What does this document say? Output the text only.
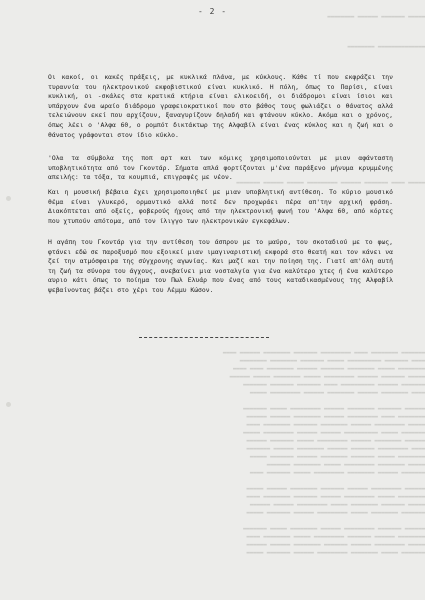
▬▬▬▬▬ ▬▬▬▬▬▬▬ ▬▬▬▬▬▬ ▬▬▬▬▬▬▬▬
▬▬▬▬▬▬▬▬▬▬▬▬▬▬ ▬▬▬▬▬▬▬▬
▬▬▬▬▬ ▬▬▬▬ ▬▬▬▬▬▬▬ ▬▬▬▬▬▬ ▬▬▬▬▬▬▬▬▬ ▬▬▬▬▬ ▬▬▬▬▬▬ ▬▬▬▬▬▬▬
▬▬▬▬▬▬▬ ▬▬▬▬▬▬▬▬ ▬▬▬▬ ▬▬▬▬▬▬▬▬▬ ▬▬▬▬▬▬▬ ▬▬▬▬▬▬▬▬ ▬▬▬▬▬▬ ▬▬▬▬
▬▬▬▬ ▬▬▬▬▬▬▬ ▬▬▬▬▬▬▬▬▬▬ ▬▬▬▬▬ ▬▬▬▬▬▬▬ ▬▬▬▬▬▬▬▬ ▬▬▬▬▬▬▬▬
▬▬▬▬▬▬▬▬ ▬▬▬▬▬ ▬▬▬▬▬▬▬▬ ▬▬▬▬▬▬▬ ▬▬▬▬▬▬ ▬▬▬▬▬▬▬▬ ▬▬▬▬ ▬▬▬▬
▬▬▬▬▬ ▬▬▬▬▬▬▬ ▬▬▬▬▬▬ ▬▬▬▬▬▬▬▬▬ ▬▬▬▬▬ ▬▬▬▬▬▬▬▬ ▬▬▬▬▬ ▬▬▬▬▬▬
▬▬▬▬▬▬▬ ▬▬▬▬▬▬ ▬▬▬▬▬▬▬▬▬▬ ▬▬▬▬ ▬▬▬▬▬▬▬ ▬▬▬▬▬▬▬ ▬▬▬▬▬▬▬
▬▬▬▬ ▬▬▬▬▬▬▬▬ ▬▬▬▬▬▬ ▬▬▬▬▬▬▬▬ ▬▬▬▬▬▬ ▬▬▬▬▬▬▬▬▬ ▬▬▬▬▬
▬▬▬▬▬▬ ▬▬▬▬▬▬▬ ▬▬▬▬▬▬▬▬ ▬▬▬▬▬▬ ▬▬▬▬▬▬▬▬▬ ▬▬▬▬▬ ▬▬▬▬▬▬▬
▬▬▬▬▬▬▬▬ ▬▬▬▬ ▬▬▬▬▬▬▬▬▬ ▬▬▬▬▬▬ ▬▬▬▬▬▬▬▬ ▬▬▬▬▬▬ ▬▬▬▬▬▬
▬▬▬▬▬ ▬▬▬▬▬▬▬▬▬ ▬▬▬▬▬▬ ▬▬▬▬▬▬▬▬ ▬▬▬▬▬▬▬ ▬▬▬▬▬▬▬▬ ▬▬▬▬
▬▬▬▬▬▬▬ ▬▬▬▬▬ ▬▬▬▬▬▬▬▬▬▬ ▬▬▬▬▬▬ ▬▬▬▬▬▬ ▬▬▬▬▬▬▬▬▬ ▬▬▬▬▬
▬▬▬▬▬▬ ▬▬▬▬▬▬▬▬ ▬▬▬▬▬▬ ▬▬▬▬▬▬▬▬▬ ▬▬▬▬▬ ▬▬▬▬▬▬▬ ▬▬▬▬▬▬
▬▬▬▬ ▬▬▬▬▬▬▬▬▬ ▬▬▬▬▬▬▬ ▬▬▬▬▬▬ ▬▬▬▬▬▬▬▬ ▬▬▬▬▬▬ ▬▬▬▬▬▬▬
▬▬▬▬▬▬▬▬ ▬▬▬▬▬ ▬▬▬▬▬▬▬ ▬▬▬▬▬▬▬▬ ▬▬▬▬▬▬ ▬▬▬▬▬▬▬ ▬▬▬▬▬
▬▬▬▬▬ ▬▬▬▬▬▬▬▬ ▬▬▬▬▬▬▬▬▬ ▬▬▬▬▬ ▬▬▬▬▬▬▬▬ ▬▬▬▬▬▬▬
▬▬▬▬▬▬▬ ▬▬▬▬▬▬ ▬▬▬▬▬▬▬▬ ▬▬▬▬▬▬▬▬▬ ▬▬▬▬▬ ▬▬▬▬▬▬▬ ▬▬▬▬
▬▬▬▬▬▬ ▬▬▬▬▬▬▬▬▬ ▬▬▬▬▬▬ ▬▬▬▬▬▬▬ ▬▬▬▬▬▬▬▬ ▬▬▬▬▬▬ ▬▬▬▬▬
▬▬▬▬▬▬▬▬ ▬▬▬▬▬ ▬▬▬▬▬▬▬▬▬ ▬▬▬▬▬▬ ▬▬▬▬▬▬▬ ▬▬▬▬▬▬▬▬ ▬▬▬▬
▬▬▬▬▬ ▬▬▬▬▬▬▬ ▬▬▬▬▬▬▬▬ ▬▬▬▬▬ ▬▬▬▬▬▬▬▬▬ ▬▬▬▬▬▬ ▬▬▬▬▬▬
▬▬▬▬▬▬▬ ▬▬▬▬▬▬▬▬ ▬▬▬▬▬ ▬▬▬▬▬▬▬▬▬ ▬▬▬▬▬▬ ▬▬▬▬▬▬▬ ▬▬▬▬▬
▬▬▬▬▬▬ ▬▬▬▬▬▬▬ ▬▬▬▬▬▬▬▬▬ ▬▬▬▬▬▬ ▬▬▬▬▬▬▬▬ ▬▬▬▬▬ ▬▬▬▬▬▬▬
▬▬▬▬▬▬▬▬ ▬▬▬▬▬▬ ▬▬▬▬▬▬▬ ▬▬▬▬▬▬▬▬▬ ▬▬▬▬▬ ▬▬▬▬▬▬▬▬ ▬▬▬▬
▬▬▬▬▬ ▬▬▬▬▬▬▬▬▬ ▬▬▬▬▬▬ ▬▬▬▬▬▬▬ ▬▬▬▬▬▬▬▬ ▬▬▬▬▬▬ ▬▬▬▬▬▬
▬▬▬▬▬▬▬ ▬▬▬▬▬ ▬▬▬▬▬▬▬▬ ▬▬▬▬▬▬▬▬▬ ▬▬▬▬▬▬ ▬▬▬▬▬▬▬ ▬▬▬▬▬
- 2 -

Οι κακοί, οι κακές πράξεις, με κυκλικά πλάνα, με κύκλους. Κάθε τί που εκφράζει την τυραννία του ηλεκτρονικού εκφοβιστικού είναι κυκλικό. Η πόλη, όπως το Παρίσι, είναι κυκλική, οι ‐σκάλες στα κρατικά κτήρια είναι ελικοειδή, οι διάδρομοι είναι ίσιοι και υπάρχουν ένα ωραίο διάδρομο γραφειοκρατικοί που στο βάθος τους φωλιάζει ο θάνατος αλλά τελειώνουν εκεί που αρχίζουν, ξαναγυρίζουν δηλαδή και φτάνουν κύκλο. Ακόμα και ο χρόνος, όπως λέει ο 'Αλφα 60, ο ρομπότ δικτάκτωρ της Αλφαβίλ είναι ένας κύκλος και η ζωή και ο θάνατος γράφονται στον ίδιο κύκλο.

'Ολα τα σύμβολα της ποπ αρτ και των κόμικς χρησιμοποιούνται με μιαν αφάνταστη υποβλητικότητα από τον Γκοντάρ. Σήματα απλά φορτίζονται μ'ένα παράξενο μήνυμα κρυμμένης απειλής: τα τόξα, τα κουμπιά, επιγραφές με νέον.

Και η μουσική βέβαια έχει χρησιμοποιηθεί με μιαν υποβλητική αντίθεση. Το κύριο μουσικό θέμα είναι γλυκερό, ορμαντικό αλλά ποτέ δεν προχωράει πέρα απ'την αρχική φράση. Διακόπτεται από οξείς, φοβερούς ήχους από την ηλεκτρονική φωνή του 'Αλφα 60, από κόρτες που χτυπούν απότομα, από τον ίλιγγο των ηλεκτρονικών εγκεφάλων.

Η αγάπη του Γκοντάρ για την αντίθεση του άσπρου με το μαύρο, του σκοταδιού με το φως, φτάνει εδώ σε παροξυσμό που εξοικεί μιαν ιμαγιναριστική εκφορά στο θεατή και τον κάνει να ζεί την ατμόσφαιρα της σύγχρονης αγωνίας. Και μαζί και την ποίηση της. Γιατί απ'όλη αυτή τη ζωή τα σύνορα του άγχους, ανεβαίνει μια νοσταλγία για ένα καλύτερο χτες ή ένα καλύτερο αυριο κάτι όπως το ποίημα του Πωλ Ελυάρ που ένας από τους καταδικασμένους της Αλφαβίλ ψεβαίνοντας βάζει στο χέρι του Λέμμυ Κώσον.
